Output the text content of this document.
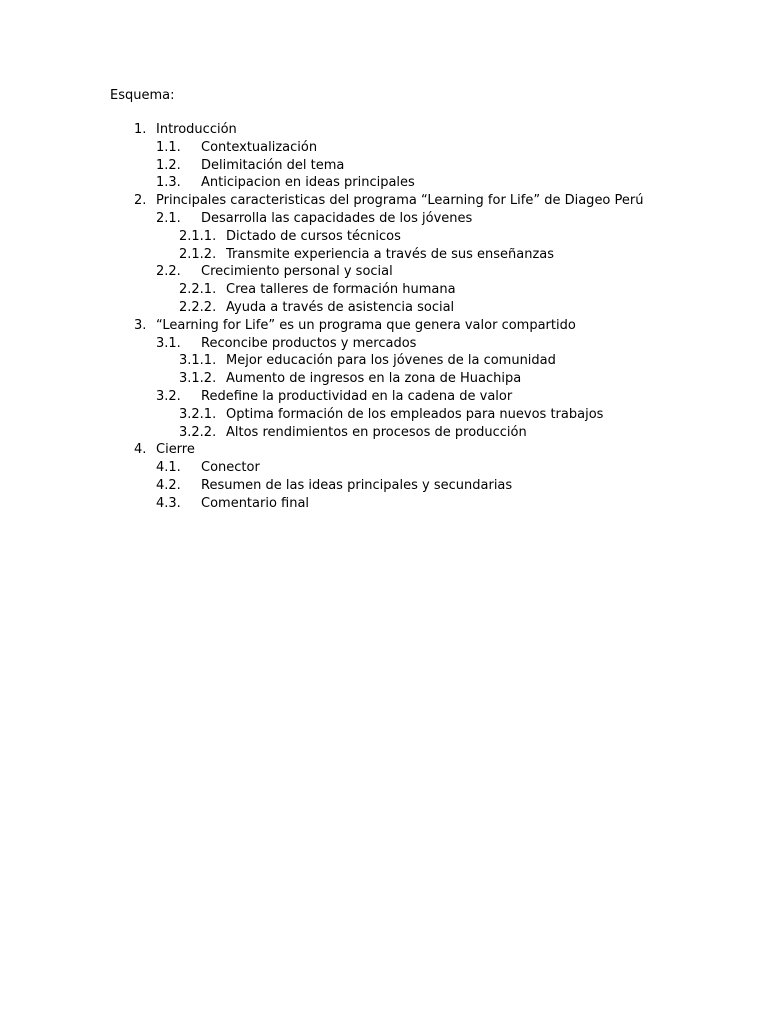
Esquema:
1. Introducción
1.1. Contextualización
1.2. Delimitación del tema
1.3. Anticipacion en ideas principales
2. Principales caracteristicas del programa “Learning for Life” de Diageo Perú
2.1. Desarrolla las capacidades de los jóvenes
2.1.1. Dictado de cursos técnicos
2.1.2. Transmite experiencia a través de sus enseñanzas
2.2. Crecimiento personal y social
2.2.1. Crea talleres de formación humana
2.2.2. Ayuda a través de asistencia social
3. “Learning for Life” es un programa que genera valor compartido
3.1. Reconcibe productos y mercados
3.1.1. Mejor educación para los jóvenes de la comunidad
3.1.2. Aumento de ingresos en la zona de Huachipa
3.2. Redefine la productividad en la cadena de valor
3.2.1. Optima formación de los empleados para nuevos trabajos
3.2.2. Altos rendimientos en procesos de producción
4. Cierre
4.1. Conector
4.2. Resumen de las ideas principales y secundarias
4.3. Comentario final
